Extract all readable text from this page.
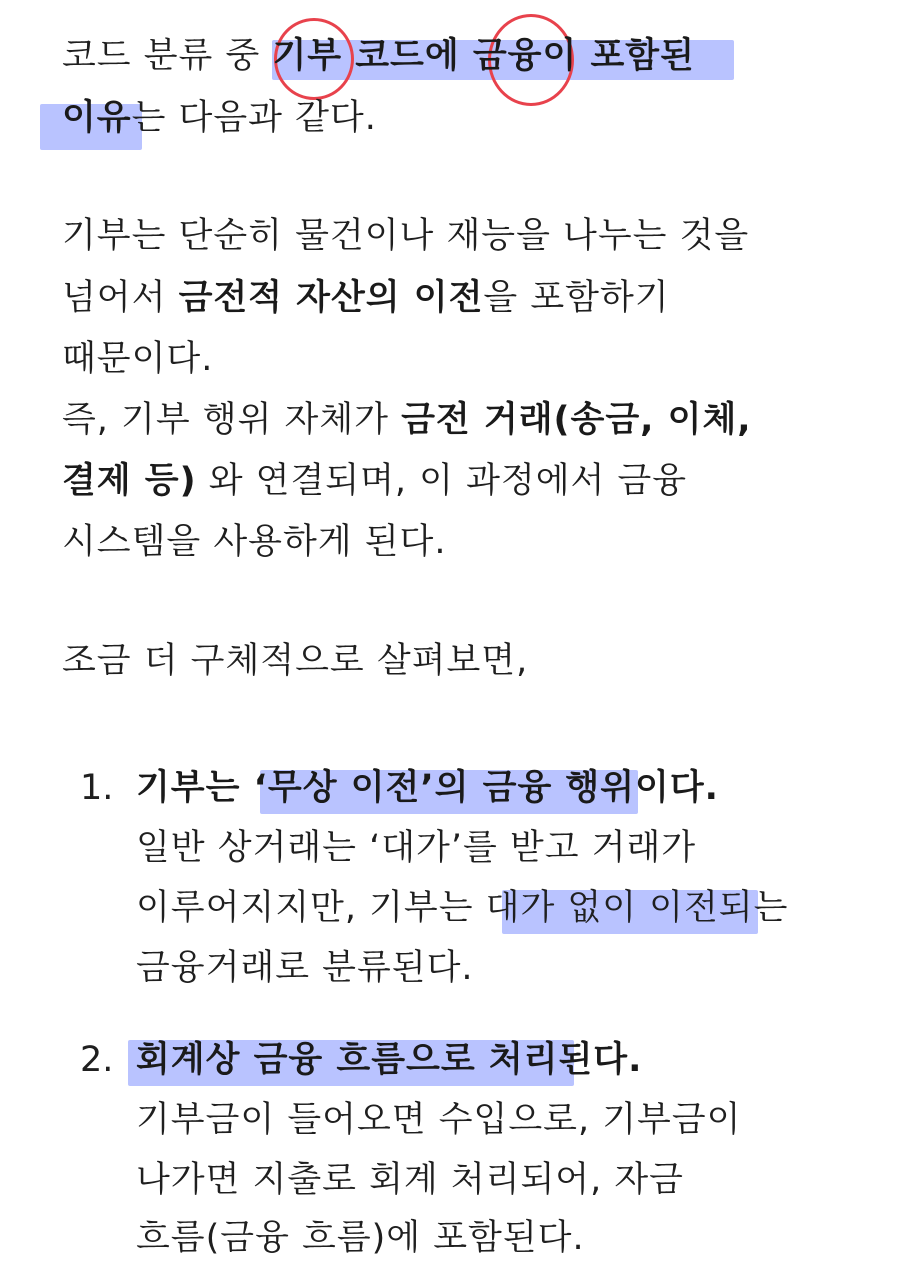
코드 분류 중 기부 코드에 금융이 포함된

이유는 다음과 같다.

기부는 단순히 물건이나 재능을 나누는 것을

넘어서 금전적 자산의 이전을 포함하기

때문이다.

즉, 기부 행위 자체가 금전 거래(송금, 이체,

결제 등) 와 연결되며, 이 과정에서 금융

시스템을 사용하게 된다.

조금 더 구체적으로 살펴보면,

1. 기부는 ‘무상 이전’의 금융 행위이다.

일반 상거래는 ‘대가’를 받고 거래가

이루어지지만, 기부는 대가 없이 이전되는

금융거래로 분류된다.

2. 회계상 금융 흐름으로 처리된다.

기부금이 들어오면 수입으로, 기부금이

나가면 지출로 회계 처리되어, 자금

흐름(금융 흐름)에 포함된다.
